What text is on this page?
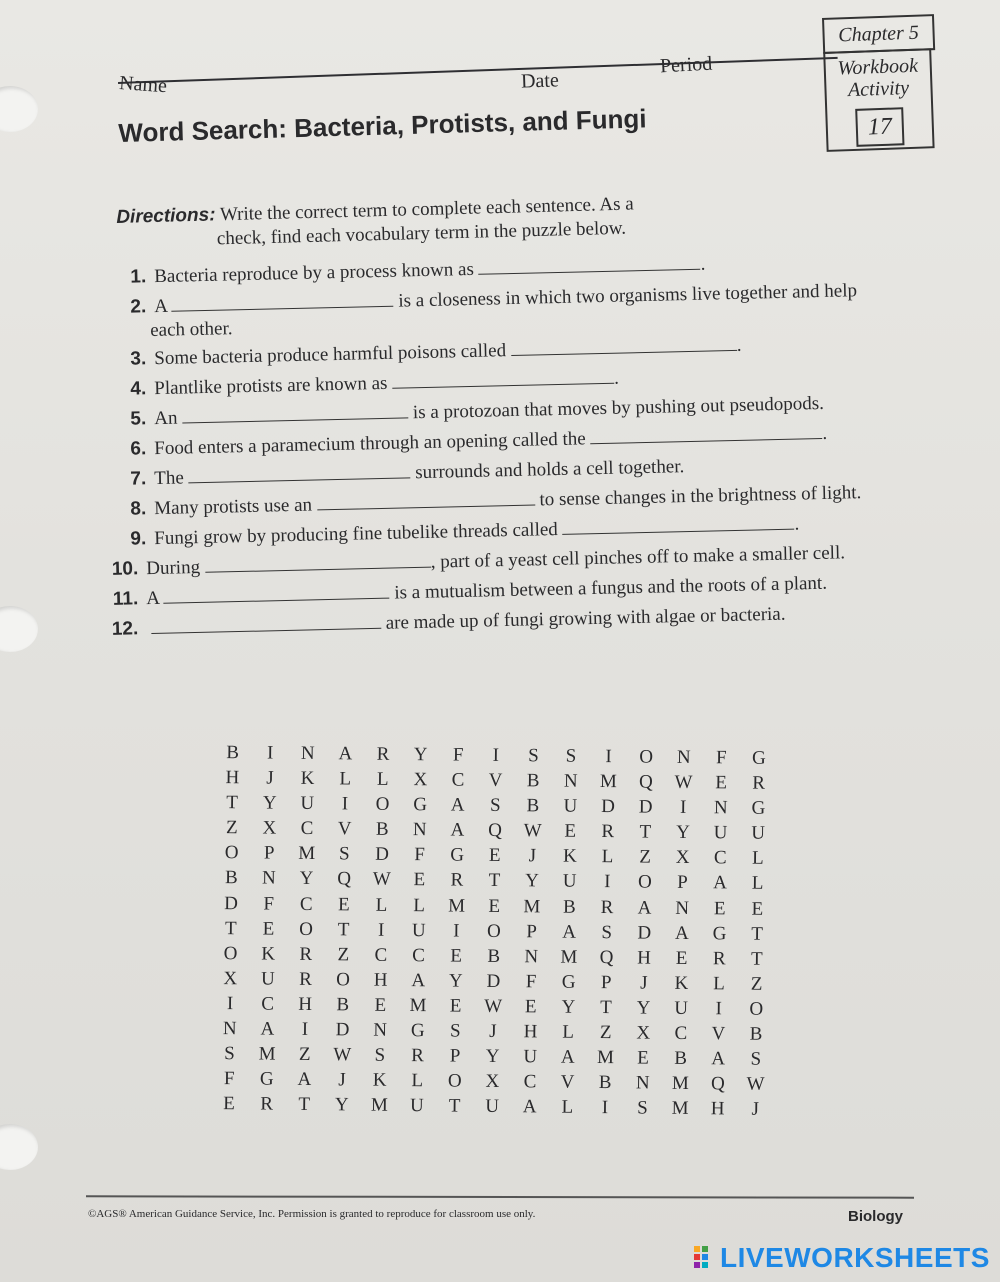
Name	Date
Period
Chapter 5
Workbook
Activity
17
Word Search: Bacteria, Protists, and Fungi
Directions: Write the correct term to complete each sentence. As a
check, find each vocabulary term in the puzzle below.
1. Bacteria reproduce by a process known as	.
2. A	is a closeness in which two organisms live together and help
each other.
3. Some bacteria produce harmful poisons called	.
4. Plantlike protists are known as	.
5. An	is a protozoan that moves by pushing out pseudopods.
6. Food enters a paramecium through an opening called the	.
7. The	surrounds and holds a cell together.
8. Many protists use an	to sense changes in the brightness of light.
9. Fungi grow by producing fine tubelike threads called	.
10. During	, part of a yeast cell pinches off to make a smaller cell.
11. A	is a mutualism between a fungus and the roots of a plant.
12.	are made up of fungi growing with algae or bacteria.
B	I	N	A	R	Y	F	I	S	S	I	O	N	F	G
H	J	K	L	L	X	C	V	B	N	M	Q	W	E	R
T	Y	U	I	O	G	A	S	B	U	D	D	I	N	G
Z	X	C	V	B	N	A	Q	W	E	R	T	Y	U	U
O	P	M	S	D	F	G	E	J	K	L	Z	X	C	L
B	N	Y	Q	W	E	R	T	Y	U	I	O	P	A	L
D	F	C	E	L	L	M	E	M	B	R	A	N	E	E
T	E	O	T	I	U	I	O	P	A	S	D	A	G	T
O	K	R	Z	C	C	E	B	N	M	Q	H	E	R	T
X	U	R	O	H	A	Y	D	F	G	P	J	K	L	Z
I	C	H	B	E	M	E	W	E	Y	T	Y	U	I	O
N	A	I	D	N	G	S	J	H	L	Z	X	C	V	B
S	M	Z	W	S	R	P	Y	U	A	M	E	B	A	S
F	G	A	J	K	L	O	X	C	V	B	N	M	Q	W
E	R	T	Y	M	U	T	U	A	L	I	S	M	H	J
©AGS® American Guidance Service, Inc. Permission is granted to reproduce for classroom use only.	Biology
LIVEWORKSHEETS
